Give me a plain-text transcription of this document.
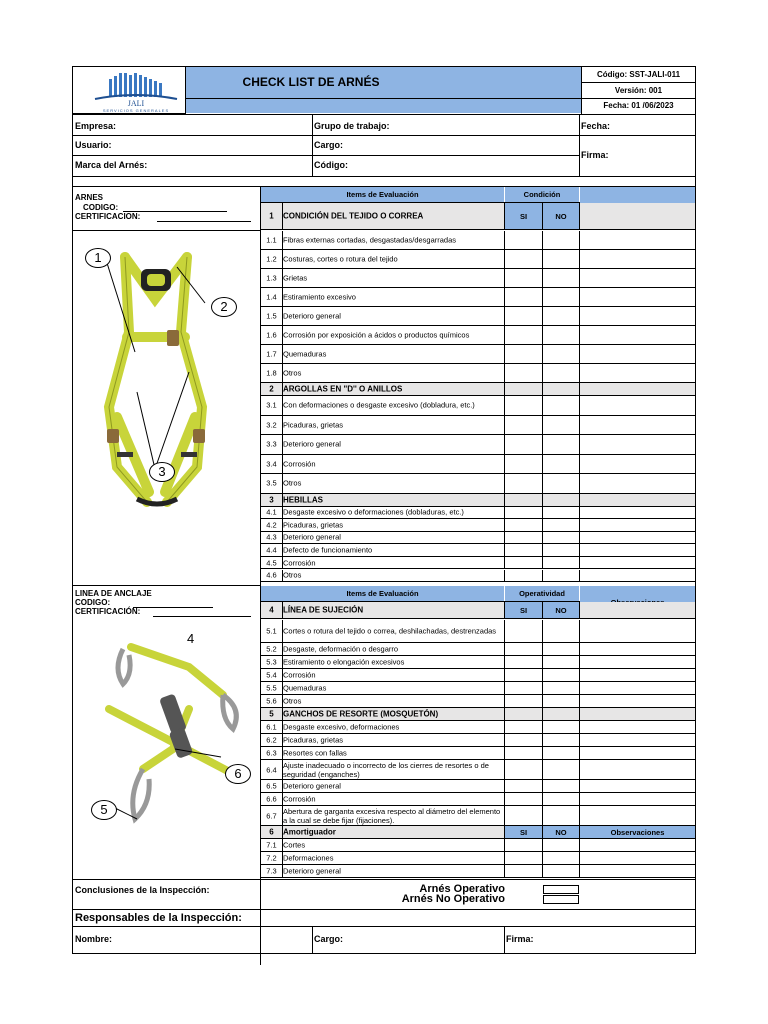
JALI
SERVICIOS GENERALES
CHECK LIST DE ARNÉS
Código: SST-JALI-011
Versión: 001
Fecha: 01 /06/2023
Empresa:	Grupo de trabajo:	Fecha:
Usuario:	Cargo:
Firma:
Marca del Arnés:	Código:
ARNES
CODIGO:
CERTIFICACION:
Items de Evaluación	Condición
1	CONDICIÓN DEL TEJIDO O CORREA	SI	NO
1.1 Fibras externas cortadas, desgastadas/desgarradas
1.2 Costuras, cortes o rotura del tejido
1.3 Grietas
1.4 Estiramiento excesivo
1.5 Deterioro general
1.6 Corrosión por exposición a ácidos o productos químicos
1.7 Quemaduras
1.8 Otros
2	ARGOLLAS EN "D'' O ANILLOS
3.1 Con deformaciones o desgaste excesivo (dobladura, etc.)
3.2 Picaduras, grietas
3.3 Deterioro general
3.4 Corrosión
3.5 Otros
3	HEBILLAS
4.1 Desgaste excesivo o deformaciones (dobladuras, etc.)
4.2 Picaduras, grietas
4.3 Deterioro general
4.4 Defecto de funcionamiento
4.5 Corrosión
4.6 Otros
1
2
3
LINEA DE ANCLAJE
CODIGO:
CERTIFICACIÓN:
Items de Evaluación	Operatividad
4	LÍNEA DE SUJECIÓN	SI	NO
5.1 Cortes o rotura del tejido o correa, deshilachadas, destrenzadas
5.2 Desgaste, deformación o desgarro
5.3 Estiramiento o elongación excesivos
5.4 Corrosión
5.5 Quemaduras
5.6 Otros
5	GANCHOS DE RESORTE (MOSQUETÓN)
6.1 Desgaste excesivo, deformaciones
6.2 Picaduras, grietas
6.3 Resortes con fallas
6.4 Ajuste inadecuado o incorrecto de los cierres de resortes o de seguridad (enganches)
6.5 Deterioro general
6.6 Corrosión
6.7 Abertura de garganta excesiva respecto al diámetro del elemento a la cual se debe fijar (fijaciones).
6	Amortiguador	SI	NO	Observaciones
7.1 Cortes
7.2 Deformaciones
7.3 Deterioro general
4
5
6
Conclusiones de la Inspección:	Arnés Operativo
Arnés No Operativo
Responsables de la Inspección:
Nombre:	Cargo:	Firma:
